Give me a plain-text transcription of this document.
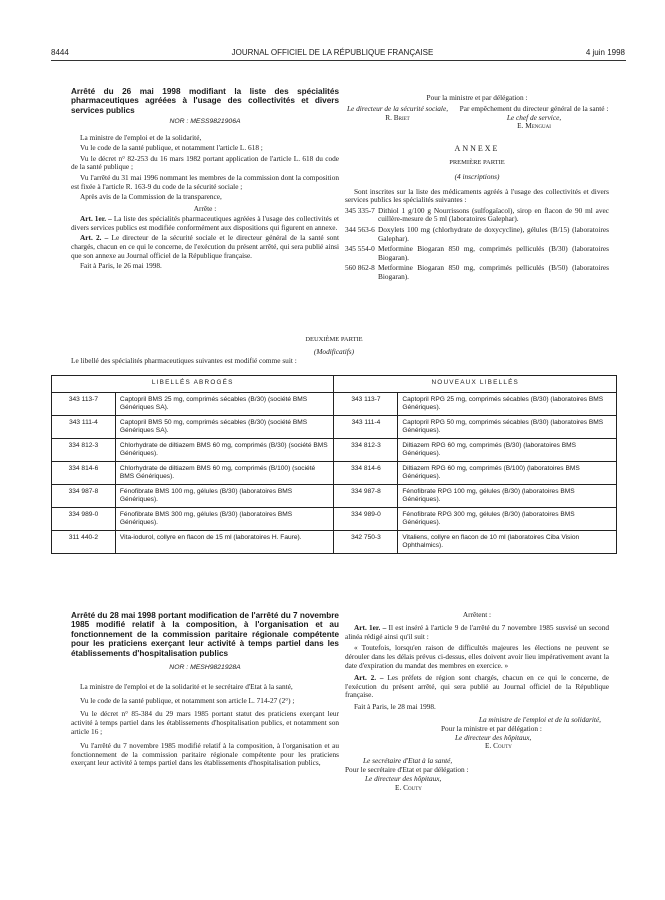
8444	JOURNAL OFFICIEL DE LA RÉPUBLIQUE FRANÇAISE	4 juin 1998
Arrêté du 26 mai 1998 modifiant la liste des spécialités pharmaceutiques agréées à l'usage des collectivités et divers services publics
NOR : MESS9821906A

La ministre de l'emploi et de la solidarité,

Vu le code de la santé publique, et notamment l'article L. 618 ;

Vu le décret n° 82-253 du 16 mars 1982 portant application de l'article L. 618 du code de la santé publique ;

Vu l'arrêté du 31 mai 1996 nommant les membres de la commission dont la composition est fixée à l'article R. 163-9 du code de la sécurité sociale ;

Après avis de la Commission de la transparence,

Arrête :

Art. 1er. – La liste des spécialités pharmaceutiques agréées à l'usage des collectivités et divers services publics est modifiée conformément aux dispositions qui figurent en annexe.

Art. 2. – Le directeur de la sécurité sociale et le directeur général de la santé sont chargés, chacun en ce qui le concerne, de l'exécution du présent arrêté, qui sera publié ainsi que son annexe au Journal officiel de la République française.

Fait à Paris, le 26 mai 1998.

Pour la ministre et par délégation :
Le directeur de la sécurité sociale,
R. Briet
Par empêchement du directeur général de la santé :
Le chef de service,
E. Menguai
ANNEXE
PREMIÈRE PARTIE
(4 inscriptions)

Sont inscrites sur la liste des médicaments agréés à l'usage des collectivités et divers services publics les spécialités suivantes :

345 335-7 Dithiol 1 g/100 g Nourrissons (sulfogaïacol), sirop en flacon de 90 ml avec cuillère-mesure de 5 ml (laboratoires Galephar).
344 563-6 Doxylets 100 mg (chlorhydrate de doxycycline), gélules (B/15) (laboratoires Galephar).
345 554-0 Metformine Biogaran 850 mg, comprimés pelliculés (B/30) (laboratoires Biogaran).
560 862-8 Metformine Biogaran 850 mg, comprimés pelliculés (B/50) (laboratoires Biogaran).
DEUXIÈME PARTIE
(Modificatifs)
Le libellé des spécialités pharmaceutiques suivantes est modifié comme suit :
LIBELLÉS ABROGÉS		NOUVEAUX LIBELLÉS	
343 113-7	Captopril BMS 25 mg, comprimés sécables (B/30) (société BMS Génériques SA).	343 113-7	Captopril RPG 25 mg, comprimés sécables (B/30) (laboratoires BMS Génériques).
343 111-4	Captopril BMS 50 mg, comprimés sécables (B/30) (société BMS Génériques SA).	343 111-4	Captopril RPG 50 mg, comprimés sécables (B/30) (laboratoires BMS Génériques).
334 812-3	Chlorhydrate de diltiazem BMS 60 mg, comprimés (B/30) (société BMS Génériques).	334 812-3	Diltiazem RPG 60 mg, comprimés (B/30) (laboratoires BMS Génériques).
334 814-6	Chlorhydrate de diltiazem BMS 60 mg, comprimés (B/100) (société BMS Génériques).	334 814-6	Diltiazem RPG 60 mg, comprimés (B/100) (laboratoires BMS Génériques).
334 987-8	Fénofibrate BMS 100 mg, gélules (B/30) (laboratoires BMS Génériques).	334 987-8	Fénofibrate RPG 100 mg, gélules (B/30) (laboratoires BMS Génériques).
334 989-0	Fénofibrate BMS 300 mg, gélules (B/30) (laboratoires BMS Génériques).	334 989-0	Fénofibrate RPG 300 mg, gélules (B/30) (laboratoires BMS Génériques).
311 440-2	Vita-iodurol, collyre en flacon de 15 ml (laboratoires H. Faure).	342 750-3	Vitaliens, collyre en flacon de 10 ml (laboratoires Ciba Vision Ophthalmics).
Arrêté du 28 mai 1998 portant modification de l'arrêté du 7 novembre 1985 modifié relatif à la composition, à l'organisation et au fonctionnement de la commission paritaire régionale compétente pour les praticiens exerçant leur activité à temps partiel dans les établissements d'hospitalisation publics
NOR : MESH9821928A

La ministre de l'emploi et de la solidarité et le secrétaire d'Etat à la santé,

Vu le code de la santé publique, et notamment son article L. 714-27 (2°) ;

Vu le décret n° 85-384 du 29 mars 1985 portant statut des praticiens exerçant leur activité à temps partiel dans les établissements d'hospitalisation publics, et notamment son article 16 ;

Vu l'arrêté du 7 novembre 1985 modifié relatif à la composition, à l'organisation et au fonctionnement de la commission paritaire régionale compétente pour les praticiens exerçant leur activité à temps partiel dans les établissements d'hospitalisation publics,

Arrêtent :

Art. 1er. – Il est inséré à l'article 9 de l'arrêté du 7 novembre 1985 susvisé un second alinéa rédigé ainsi qu'il suit :

« Toutefois, lorsqu'en raison de difficultés majeures les élections ne peuvent se dérouler dans les délais prévus ci-dessus, elles doivent avoir lieu impérativement avant la date d'expiration du mandat des membres en exercice. »

Art. 2. – Les préfets de région sont chargés, chacun en ce qui le concerne, de l'exécution du présent arrêté, qui sera publié au Journal officiel de la République française.

Fait à Paris, le 28 mai 1998.

La ministre de l'emploi et de la solidarité,
Pour la ministre et par délégation :
Le directeur des hôpitaux,
E. Couty
Le secrétaire d'Etat à la santé,
Pour le secrétaire d'Etat et par délégation :
Le directeur des hôpitaux,
E. Couty
